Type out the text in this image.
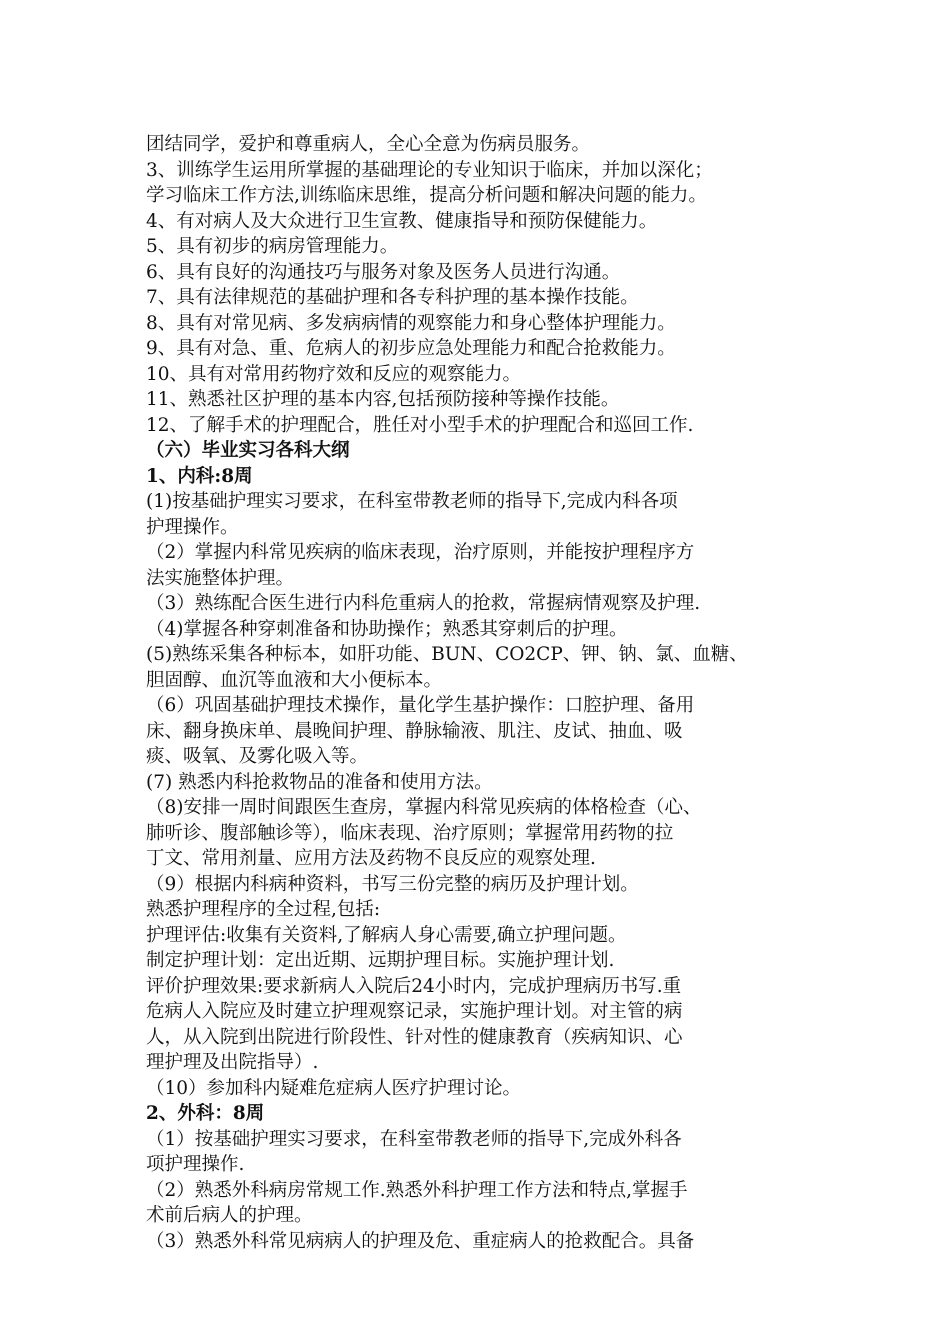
团结同学，爱护和尊重病人，全心全意为伤病员服务。
3、训练学生运用所掌握的基础理论的专业知识于临床，并加以深化；
学习临床工作方法,训练临床思维，提高分析问题和解决问题的能力。
4、有对病人及大众进行卫生宣教、健康指导和预防保健能力。
5、具有初步的病房管理能力。
6、具有良好的沟通技巧与服务对象及医务人员进行沟通。
7、具有法律规范的基础护理和各专科护理的基本操作技能。
8、具有对常见病、多发病病情的观察能力和身心整体护理能力。
9、具有对急、重、危病人的初步应急处理能力和配合抢救能力。
10、具有对常用药物疗效和反应的观察能力。
11、熟悉社区护理的基本内容,包括预防接种等操作技能。
12、了解手术的护理配合，胜任对小型手术的护理配合和巡回工作.
（六）毕业实习各科大纲
1、内科:8周
(1)按基础护理实习要求，在科室带教老师的指导下,完成内科各项
护理操作。
（2）掌握内科常见疾病的临床表现，治疗原则，并能按护理程序方
法实施整体护理。
（3）熟练配合医生进行内科危重病人的抢救，常握病情观察及护理.
（4)掌握各种穿刺准备和协助操作；熟悉其穿刺后的护理。
(5)熟练采集各种标本，如肝功能、BUN、CO2CP、钾、钠、氯、血糖、
胆固醇、血沉等血液和大小便标本。
（6）巩固基础护理技术操作，量化学生基护操作：口腔护理、备用
床、翻身换床单、晨晚间护理、静脉输液、肌注、皮试、抽血、吸
痰、吸氧、及雾化吸入等。
(7) 熟悉内科抢救物品的准备和使用方法。
（8)安排一周时间跟医生查房，掌握内科常见疾病的体格检查（心、
肺听诊、腹部触诊等），临床表现、治疗原则；掌握常用药物的拉
丁文、常用剂量、应用方法及药物不良反应的观察处理.
（9）根据内科病种资料，书写三份完整的病历及护理计划。
熟悉护理程序的全过程,包括:
护理评估:收集有关资料,了解病人身心需要,确立护理问题。
制定护理计划：定出近期、远期护理目标。实施护理计划.
评价护理效果:要求新病人入院后24小时内，完成护理病历书写.重
危病人入院应及时建立护理观察记录，实施护理计划。对主管的病
人，从入院到出院进行阶段性、针对性的健康教育（疾病知识、心
理护理及出院指导）.
（10）参加科内疑难危症病人医疗护理讨论。
2、外科：8周
（1）按基础护理实习要求，在科室带教老师的指导下,完成外科各
项护理操作.
（2）熟悉外科病房常规工作.熟悉外科护理工作方法和特点,掌握手
术前后病人的护理。
（3）熟悉外科常见病病人的护理及危、重症病人的抢救配合。具备
